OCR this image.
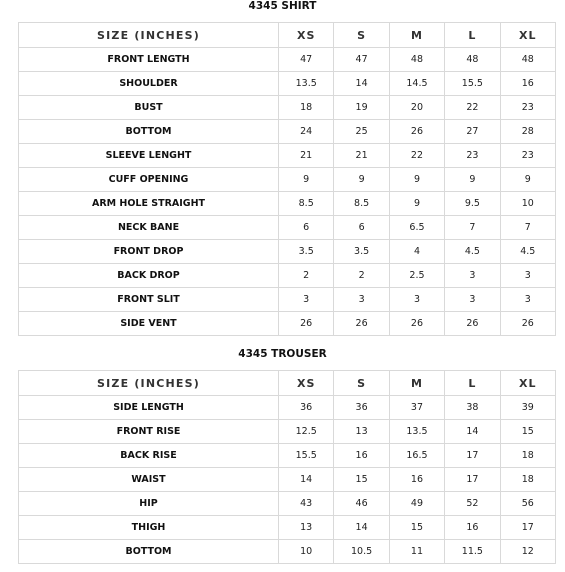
4345 SHIRT
SIZE (INCHES)	XS	S	M	L	XL
FRONT LENGTH	47	47	48	48	48
SHOULDER	13.5	14	14.5	15.5	16
BUST	18	19	20	22	23
BOTTOM	24	25	26	27	28
SLEEVE LENGHT	21	21	22	23	23
CUFF OPENING	9	9	9	9	9
ARM HOLE STRAIGHT	8.5	8.5	9	9.5	10
NECK BANE	6	6	6.5	7	7
FRONT DROP	3.5	3.5	4	4.5	4.5
BACK DROP	2	2	2.5	3	3
FRONT SLIT	3	3	3	3	3
SIDE VENT	26	26	26	26	26
4345 TROUSER
SIZE (INCHES)	XS	S	M	L	XL
SIDE LENGTH	36	36	37	38	39
FRONT RISE	12.5	13	13.5	14	15
BACK RISE	15.5	16	16.5	17	18
WAIST	14	15	16	17	18
HIP	43	46	49	52	56
THIGH	13	14	15	16	17
BOTTOM	10	10.5	11	11.5	12
